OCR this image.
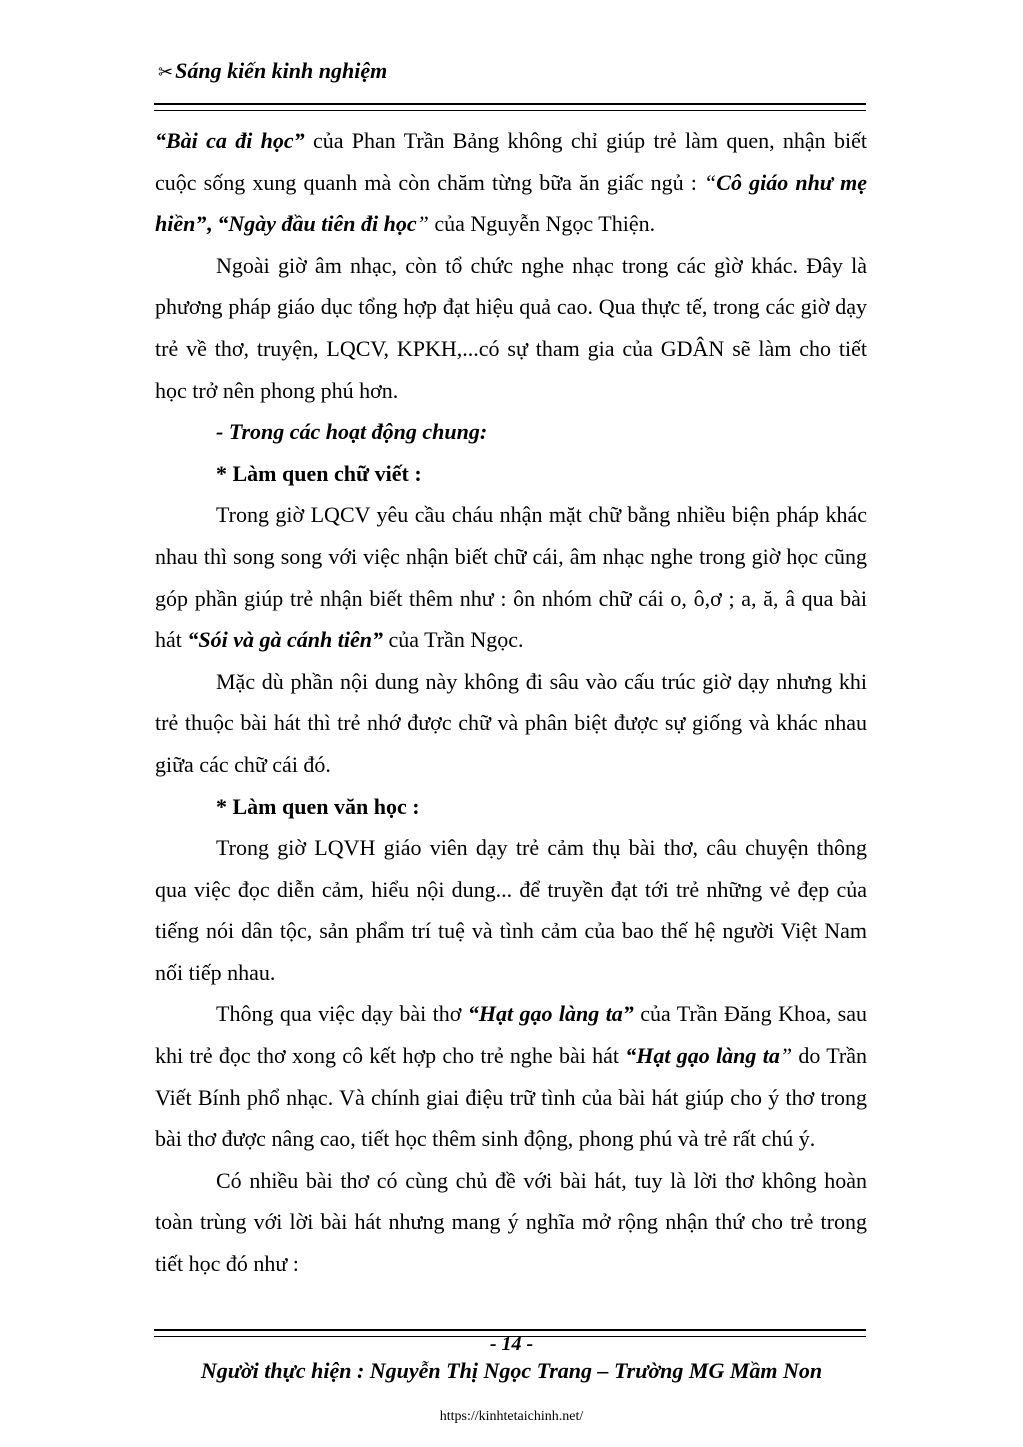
✂Sáng kiến kinh nghiệm

“Bài ca đi học” của Phan Trần Bảng không chỉ giúp trẻ làm quen, nhận biết cuộc sống xung quanh mà còn chăm từng bữa ăn giấc ngủ : “Cô giáo như mẹ hiền”, “Ngày đầu tiên đi học” của Nguyễn Ngọc Thiện.

Ngoài giờ âm nhạc, còn tổ chức nghe nhạc trong các gìờ khác. Đây là phương pháp giáo dục tổng hợp đạt hiệu quả cao. Qua thực tế, trong các giờ dạy trẻ về thơ, truyện, LQCV, KPKH,...có sự tham gia của GDÂN sẽ làm cho tiết học trở nên phong phú hơn.

- Trong các hoạt động chung:

* Làm quen chữ viết :

Trong giờ LQCV yêu cầu cháu nhận mặt chữ bằng nhiều biện pháp khác nhau thì song song với việc nhận biết chữ cái, âm nhạc nghe trong giờ học cũng góp phần giúp trẻ nhận biết thêm như : ôn nhóm chữ cái o, ô,ơ ; a, ă, â qua bài hát “Sói và gà cánh tiên” của Trần Ngọc.

Mặc dù phần nội dung này không đi sâu vào cấu trúc giờ dạy nhưng khi trẻ thuộc bài hát thì trẻ nhớ được chữ và phân biệt được sự giống và khác nhau giữa các chữ cái đó.

* Làm quen văn học :

Trong giờ LQVH giáo viên dạy trẻ cảm thụ bài thơ, câu chuyện thông qua việc đọc diễn cảm, hiểu nội dung... để truyền đạt tới trẻ những vẻ đẹp của tiếng nói dân tộc, sản phẩm trí tuệ và tình cảm của bao thế hệ người Việt Nam nối tiếp nhau.

Thông qua việc dạy bài thơ “Hạt gạo làng ta” của Trần Đăng Khoa, sau khi trẻ đọc thơ xong cô kết hợp cho trẻ nghe bài hát “Hạt gạo làng ta” do Trần Viết Bính phổ nhạc. Và chính giai điệu trữ tình của bài hát giúp cho ý thơ trong bài thơ được nâng cao, tiết học thêm sinh động, phong phú và trẻ rất chú ý.

Có nhiều bài thơ có cùng chủ đề với bài hát, tuy là lời thơ không hoàn toàn trùng với lời bài hát nhưng mang ý nghĩa mở rộng nhận thứ cho trẻ trong tiết học đó như :

- 14 -
Người thực hiện : Nguyễn Thị Ngọc Trang – Trường MG Mầm Non
https://kinhtetaichinh.net/
